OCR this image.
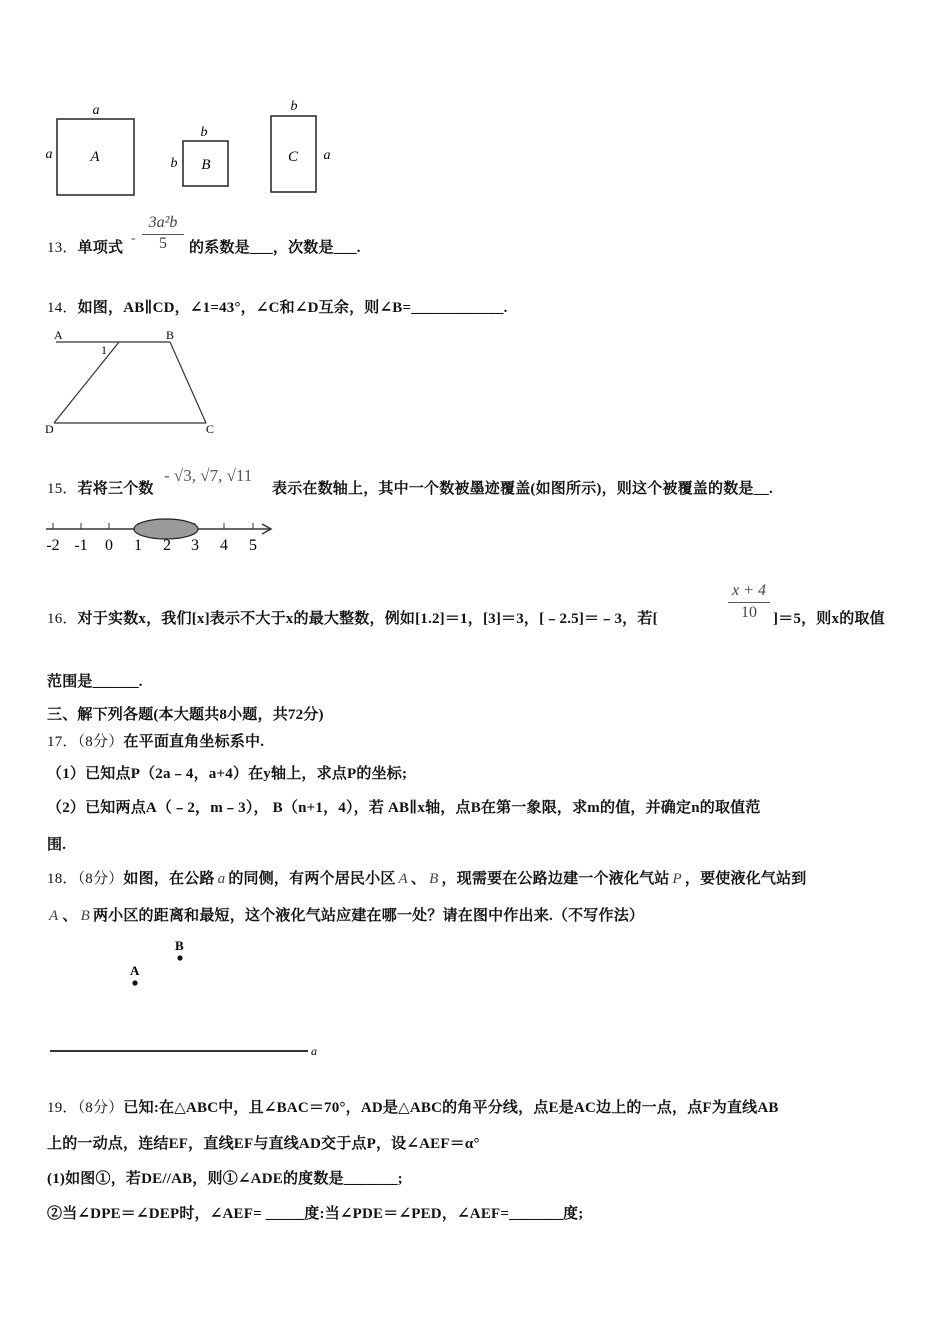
a
a	A
b
b B
b
a
C
13．单项式
-
3a²b
5	的系数是___，次数是___.
14．如图，AB∥CD，∠1=43°，∠C和∠D互余，则∠B=____________.
A	B
D	C
1
15．若将三个数
- √3, √7, √11
表示在数轴上，其中一个数被墨迹覆盖(如图所示)，则这个被覆盖的数是__.
-2 -1 0 1 2 3 4 5
16．对于实数x，我们[x]表示不大于x的最大整数，例如[1.2]＝1，[3]＝3，[﹣2.5]＝﹣3，若[
x + 4
10	]＝5，则x的取值
范围是______.
三、解下列各题(本大题共8小题，共72分)
17．（8分）在平面直角坐标系中.
（1）已知点P（2a﹣4，a+4）在y轴上，求点P的坐标;
（2）已知两点A（﹣2，m﹣3）， B（n+1，4），若 AB∥x轴，点B在第一象限，求m的值，并确定n的取值范
围.
18．（8分）如图，在公路 a 的同侧，有两个居民小区 A 、 B ，现需要在公路边建一个液化气站 P ，要使液化气站到
A 、 B 两小区的距离和最短，这个液化气站应建在哪一处？请在图中作出来.（不写作法）
B
A
a
19．（8分）已知:在△ABC中，且∠BAC＝70°，AD是△ABC的角平分线，点E是AC边上的一点，点F为直线AB
上的一动点，连结EF，直线EF与直线AD交于点P，设∠AEF＝α°
(1)如图①，若DE//AB，则①∠ADE的度数是_______;
②当∠DPE＝∠DEP时，∠AEF= _____度:当∠PDE＝∠PED，∠AEF=_______度;
